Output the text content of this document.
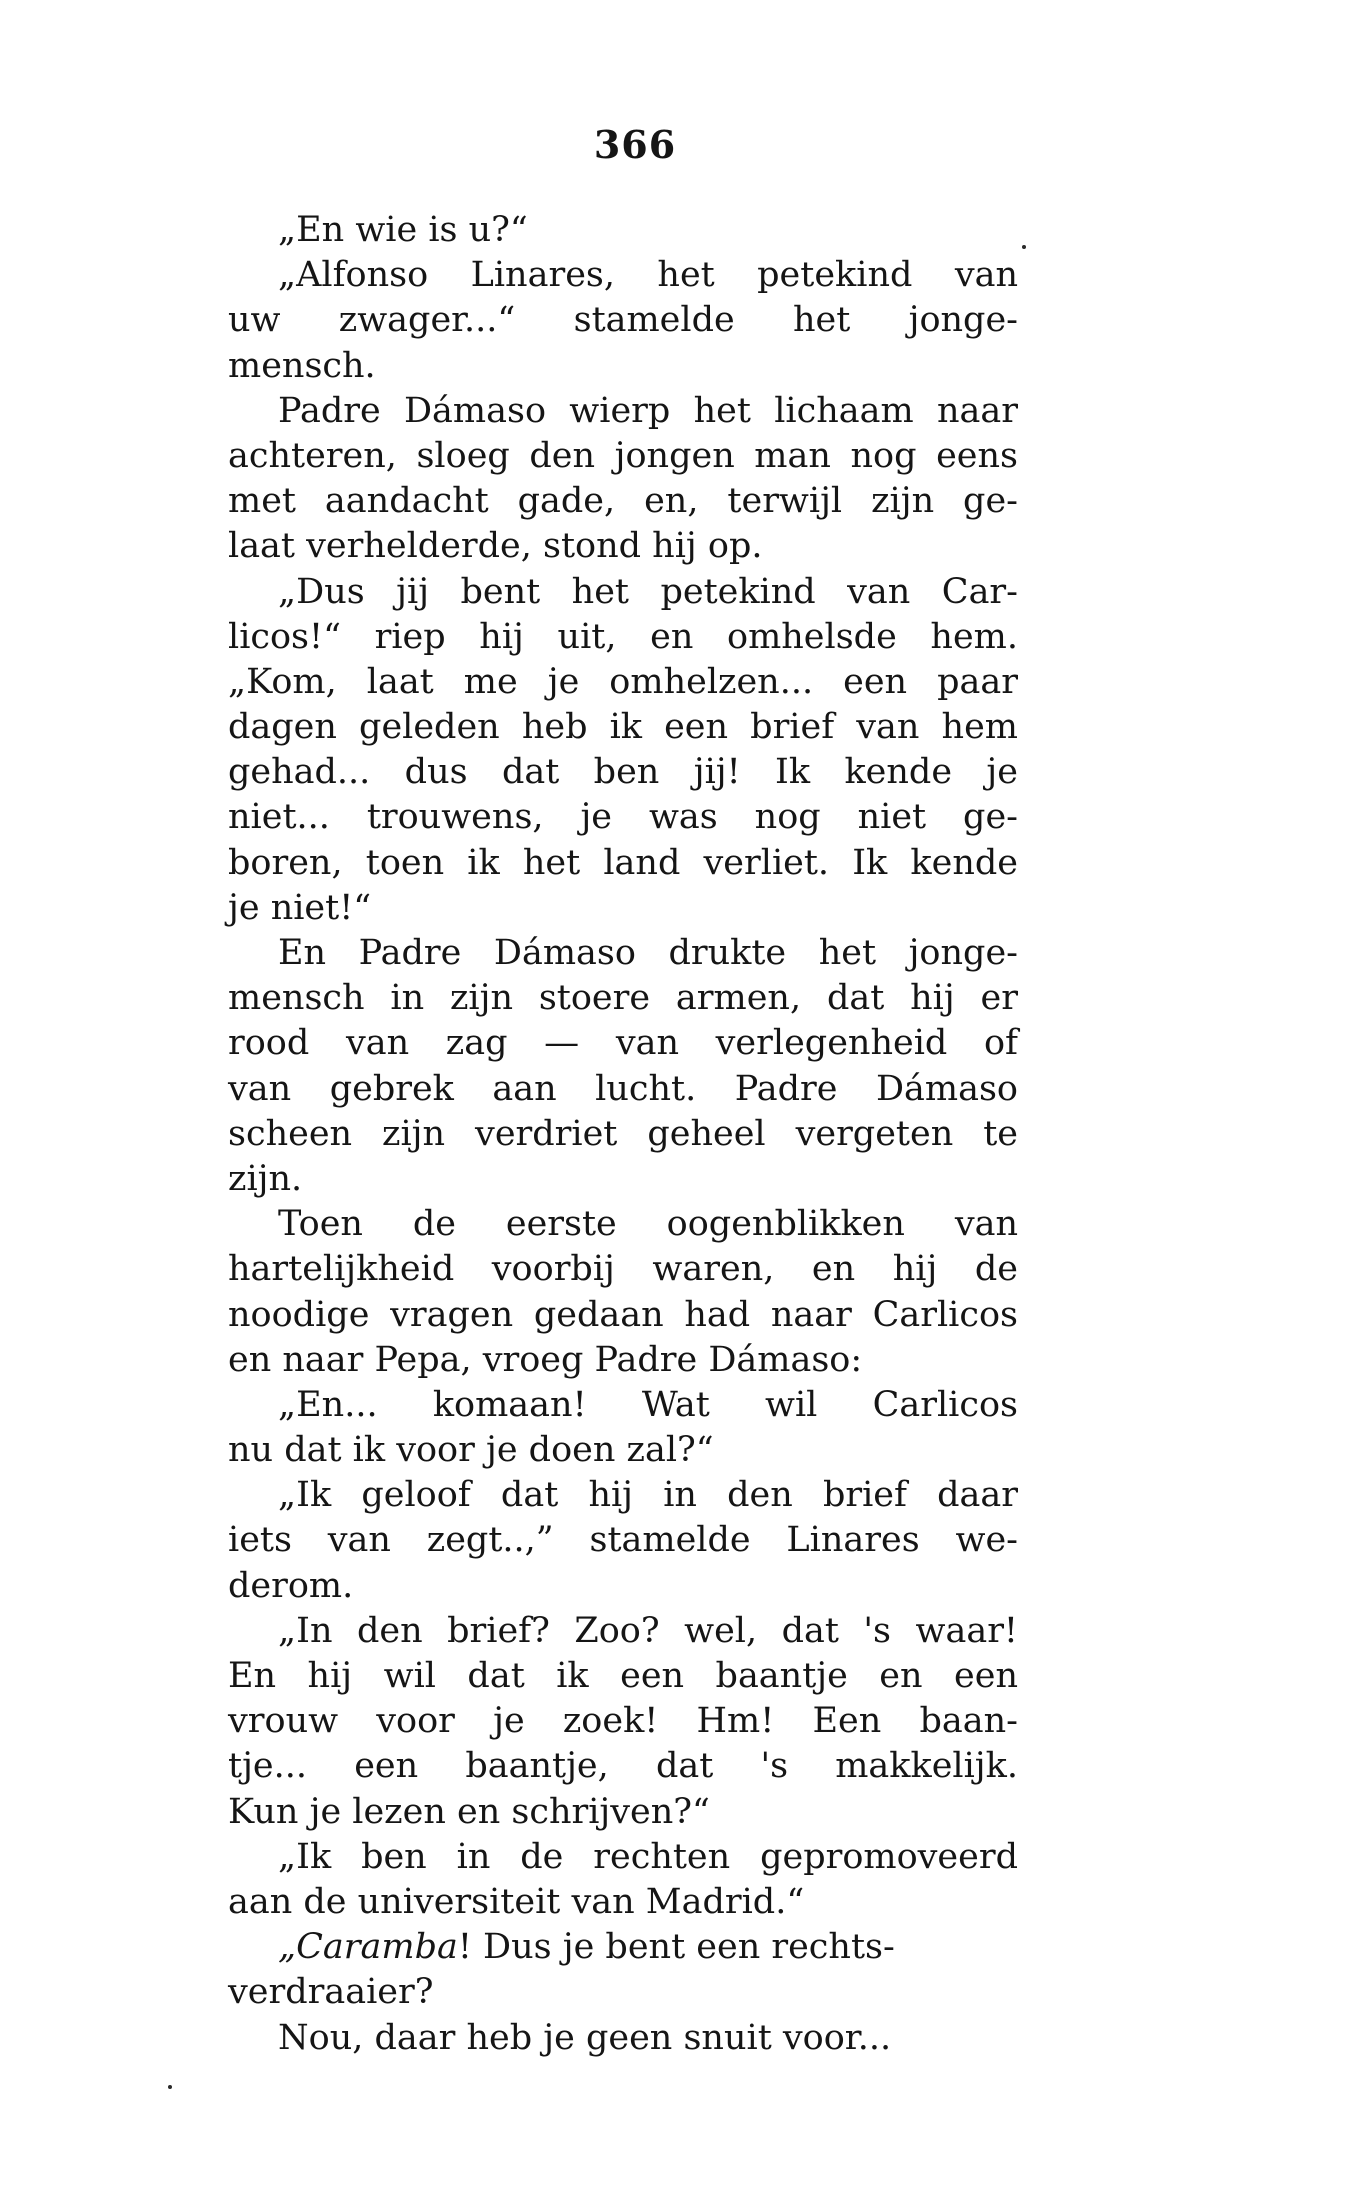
366
„En wie is u?“
„Alfonso Linares, het petekind van
uw zwager...“ stamelde het jonge-
mensch.
Padre Dámaso wierp het lichaam naar
achteren, sloeg den jongen man nog eens
met aandacht gade, en, terwijl zijn ge-
laat verhelderde, stond hij op.
„Dus jij bent het petekind van Car-
licos!“ riep hij uit, en omhelsde hem.
„Kom, laat me je omhelzen... een paar
dagen geleden heb ik een brief van hem
gehad... dus dat ben jij! Ik kende je
niet... trouwens, je was nog niet ge-
boren, toen ik het land verliet. Ik kende
je niet!“
En Padre Dámaso drukte het jonge-
mensch in zijn stoere armen, dat hij er
rood van zag — van verlegenheid of
van gebrek aan lucht. Padre Dámaso
scheen zijn verdriet geheel vergeten te
zijn.
Toen de eerste oogenblikken van
hartelijkheid voorbij waren, en hij de
noodige vragen gedaan had naar Carlicos
en naar Pepa, vroeg Padre Dámaso:
„En... komaan! Wat wil Carlicos
nu dat ik voor je doen zal?“
„Ik geloof dat hij in den brief daar
iets van zegt..,” stamelde Linares we-
derom.
„In den brief? Zoo? wel, dat 's waar!
En hij wil dat ik een baantje en een
vrouw voor je zoek! Hm! Een baan-
tje... een baantje, dat 's makkelijk.
Kun je lezen en schrijven?“
„Ik ben in de rechten gepromoveerd
aan de universiteit van Madrid.“
„Caramba! Dus je bent een rechts-
verdraaier?
Nou, daar heb je geen snuit voor...
